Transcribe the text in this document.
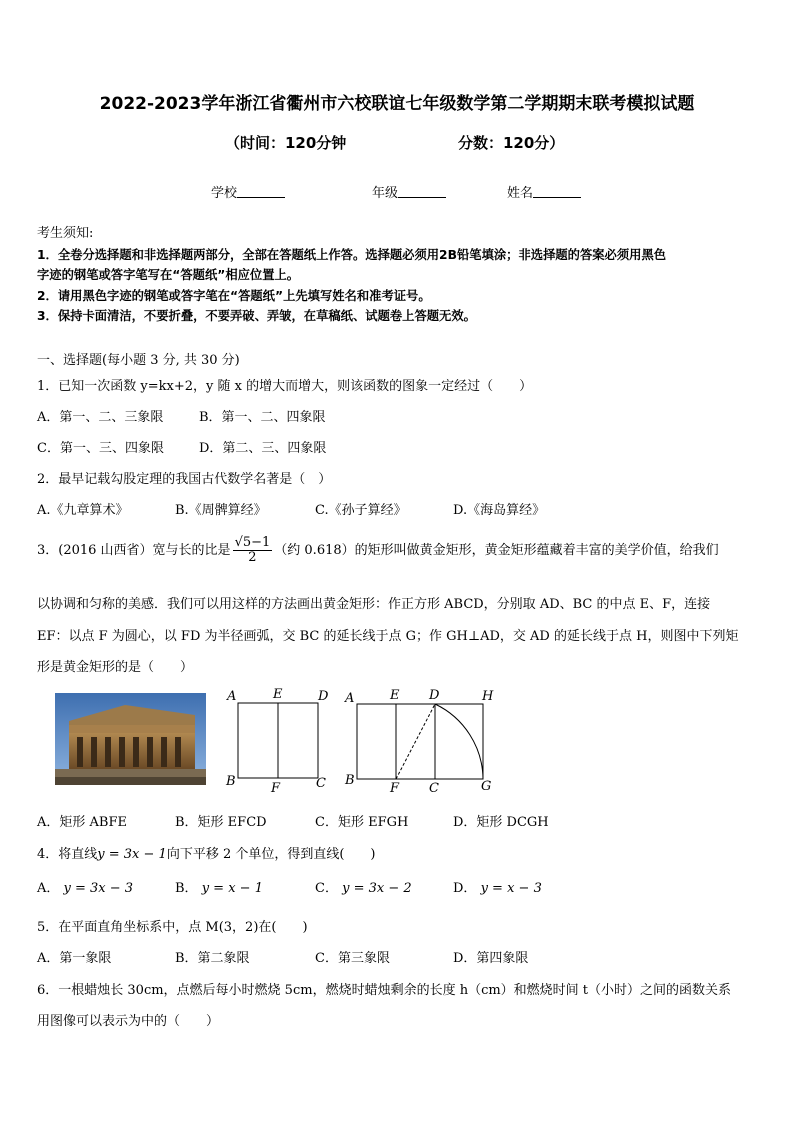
2022-2023学年浙江省衢州市六校联谊七年级数学第二学期期末联考模拟试题
（时间：120分钟	分数：120分）
学校	年级	姓名
考生须知:
1．全卷分选择题和非选择题两部分，全部在答题纸上作答。选择题必须用2B铅笔填涂；非选择题的答案必须用黑色
字迹的钢笔或答字笔写在“答题纸”相应位置上。
2．请用黑色字迹的钢笔或答字笔在“答题纸”上先填写姓名和准考证号。
3．保持卡面清洁，不要折叠，不要弄破、弄皱，在草稿纸、试题卷上答题无效。
一、选择题(每小题 3 分, 共 30 分)
1．已知一次函数 y=kx+2，y 随 x 的增大而增大，则该函数的图象一定经过（　　）
A．第一、二、三象限	B．第一、二、四象限
C．第一、三、四象限	D．第二、三、四象限
2．最早记载勾股定理的我国古代数学名著是（　）
A.《九章算术》	B.《周髀算经》	C.《孙子算经》	D.《海岛算经》
3．(2016 山西省）宽与长的比是 $\frac{√5-1}{2}$ （约 0.618）的矩形叫做黄金矩形，黄金矩形蕴藏着丰富的美学价值，给我们
以协调和匀称的美感．我们可以用这样的方法画出黄金矩形：作正方形 ABCD，分别取 AD、BC 的中点 E、F，连接
EF：以点 F 为圆心，以 FD 为半径画弧，交 BC 的延长线于点 G；作 GH⊥AD，交 AD 的延长线于点 H，则图中下列矩
形是黄金矩形的是（　　）
A	E	D
B	F	C
A	E D	H
B
F C	G
A．矩形 ABFE	B．矩形 EFCD	C．矩形 EFGH	D．矩形 DCGH
4．将直线y = 3x − 1向下平移 2 个单位，得到直线(　　)
A． y = 3x − 3	B． y = x − 1	C． y = 3x − 2	D． y = x − 3
5．在平面直角坐标系中，点 M(3，2)在(　　)
A．第一象限	B．第二象限	C．第三象限	D．第四象限
6．一根蜡烛长 30cm，点燃后每小时燃烧 5cm，燃烧时蜡烛剩余的长度 h（cm）和燃烧时间 t（小时）之间的函数关系
用图像可以表示为中的（　　）
